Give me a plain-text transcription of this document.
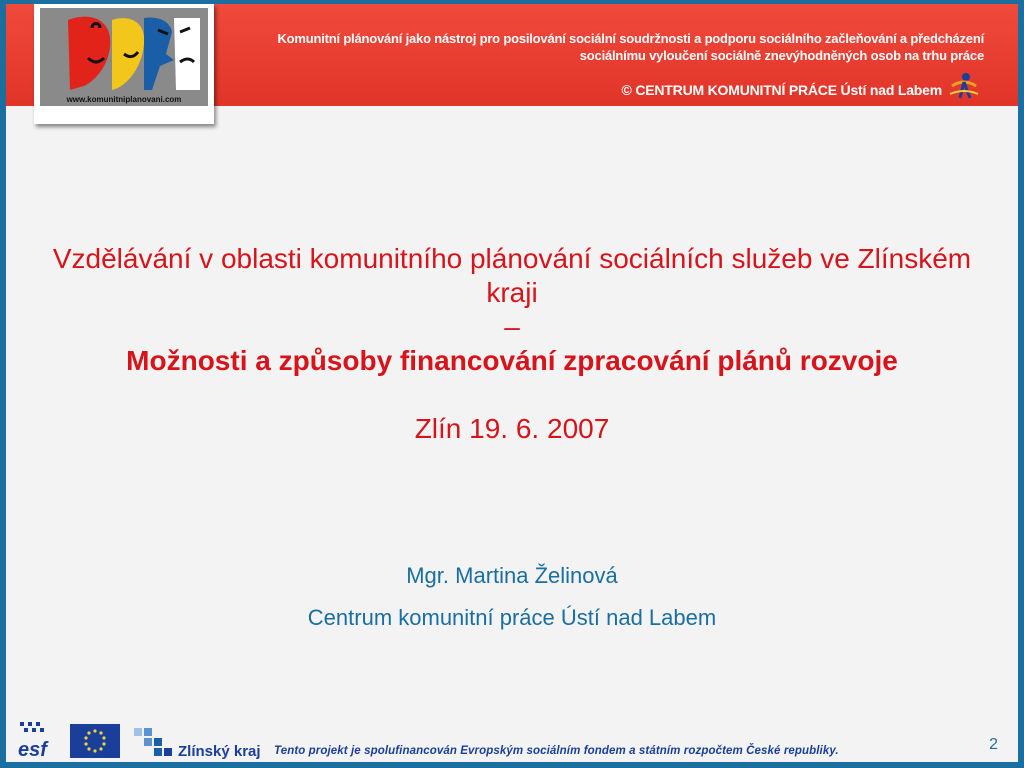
Komunitní plánování jako nástroj pro posilování sociální soudržnosti a podporu sociálního začleňování a předcházení
sociálnímu vyloučení sociálně znevýhodněných osob na trhu práce
© CENTRUM KOMUNITNÍ PRÁCE Ústí nad Labem
www.komunitniplanovani.com
Vzdělávání v oblasti komunitního plánování sociálních služeb ve Zlínském kraji
–
Možnosti a způsoby financování zpracování plánů rozvoje
Zlín 19. 6. 2007
Mgr. Martina Želinová
Centrum komunitní práce Ústí nad Labem
esf	Zlínský kraj Tento projekt je spolufinancován Evropským sociálním fondem a státním rozpočtem České republiky.	2
